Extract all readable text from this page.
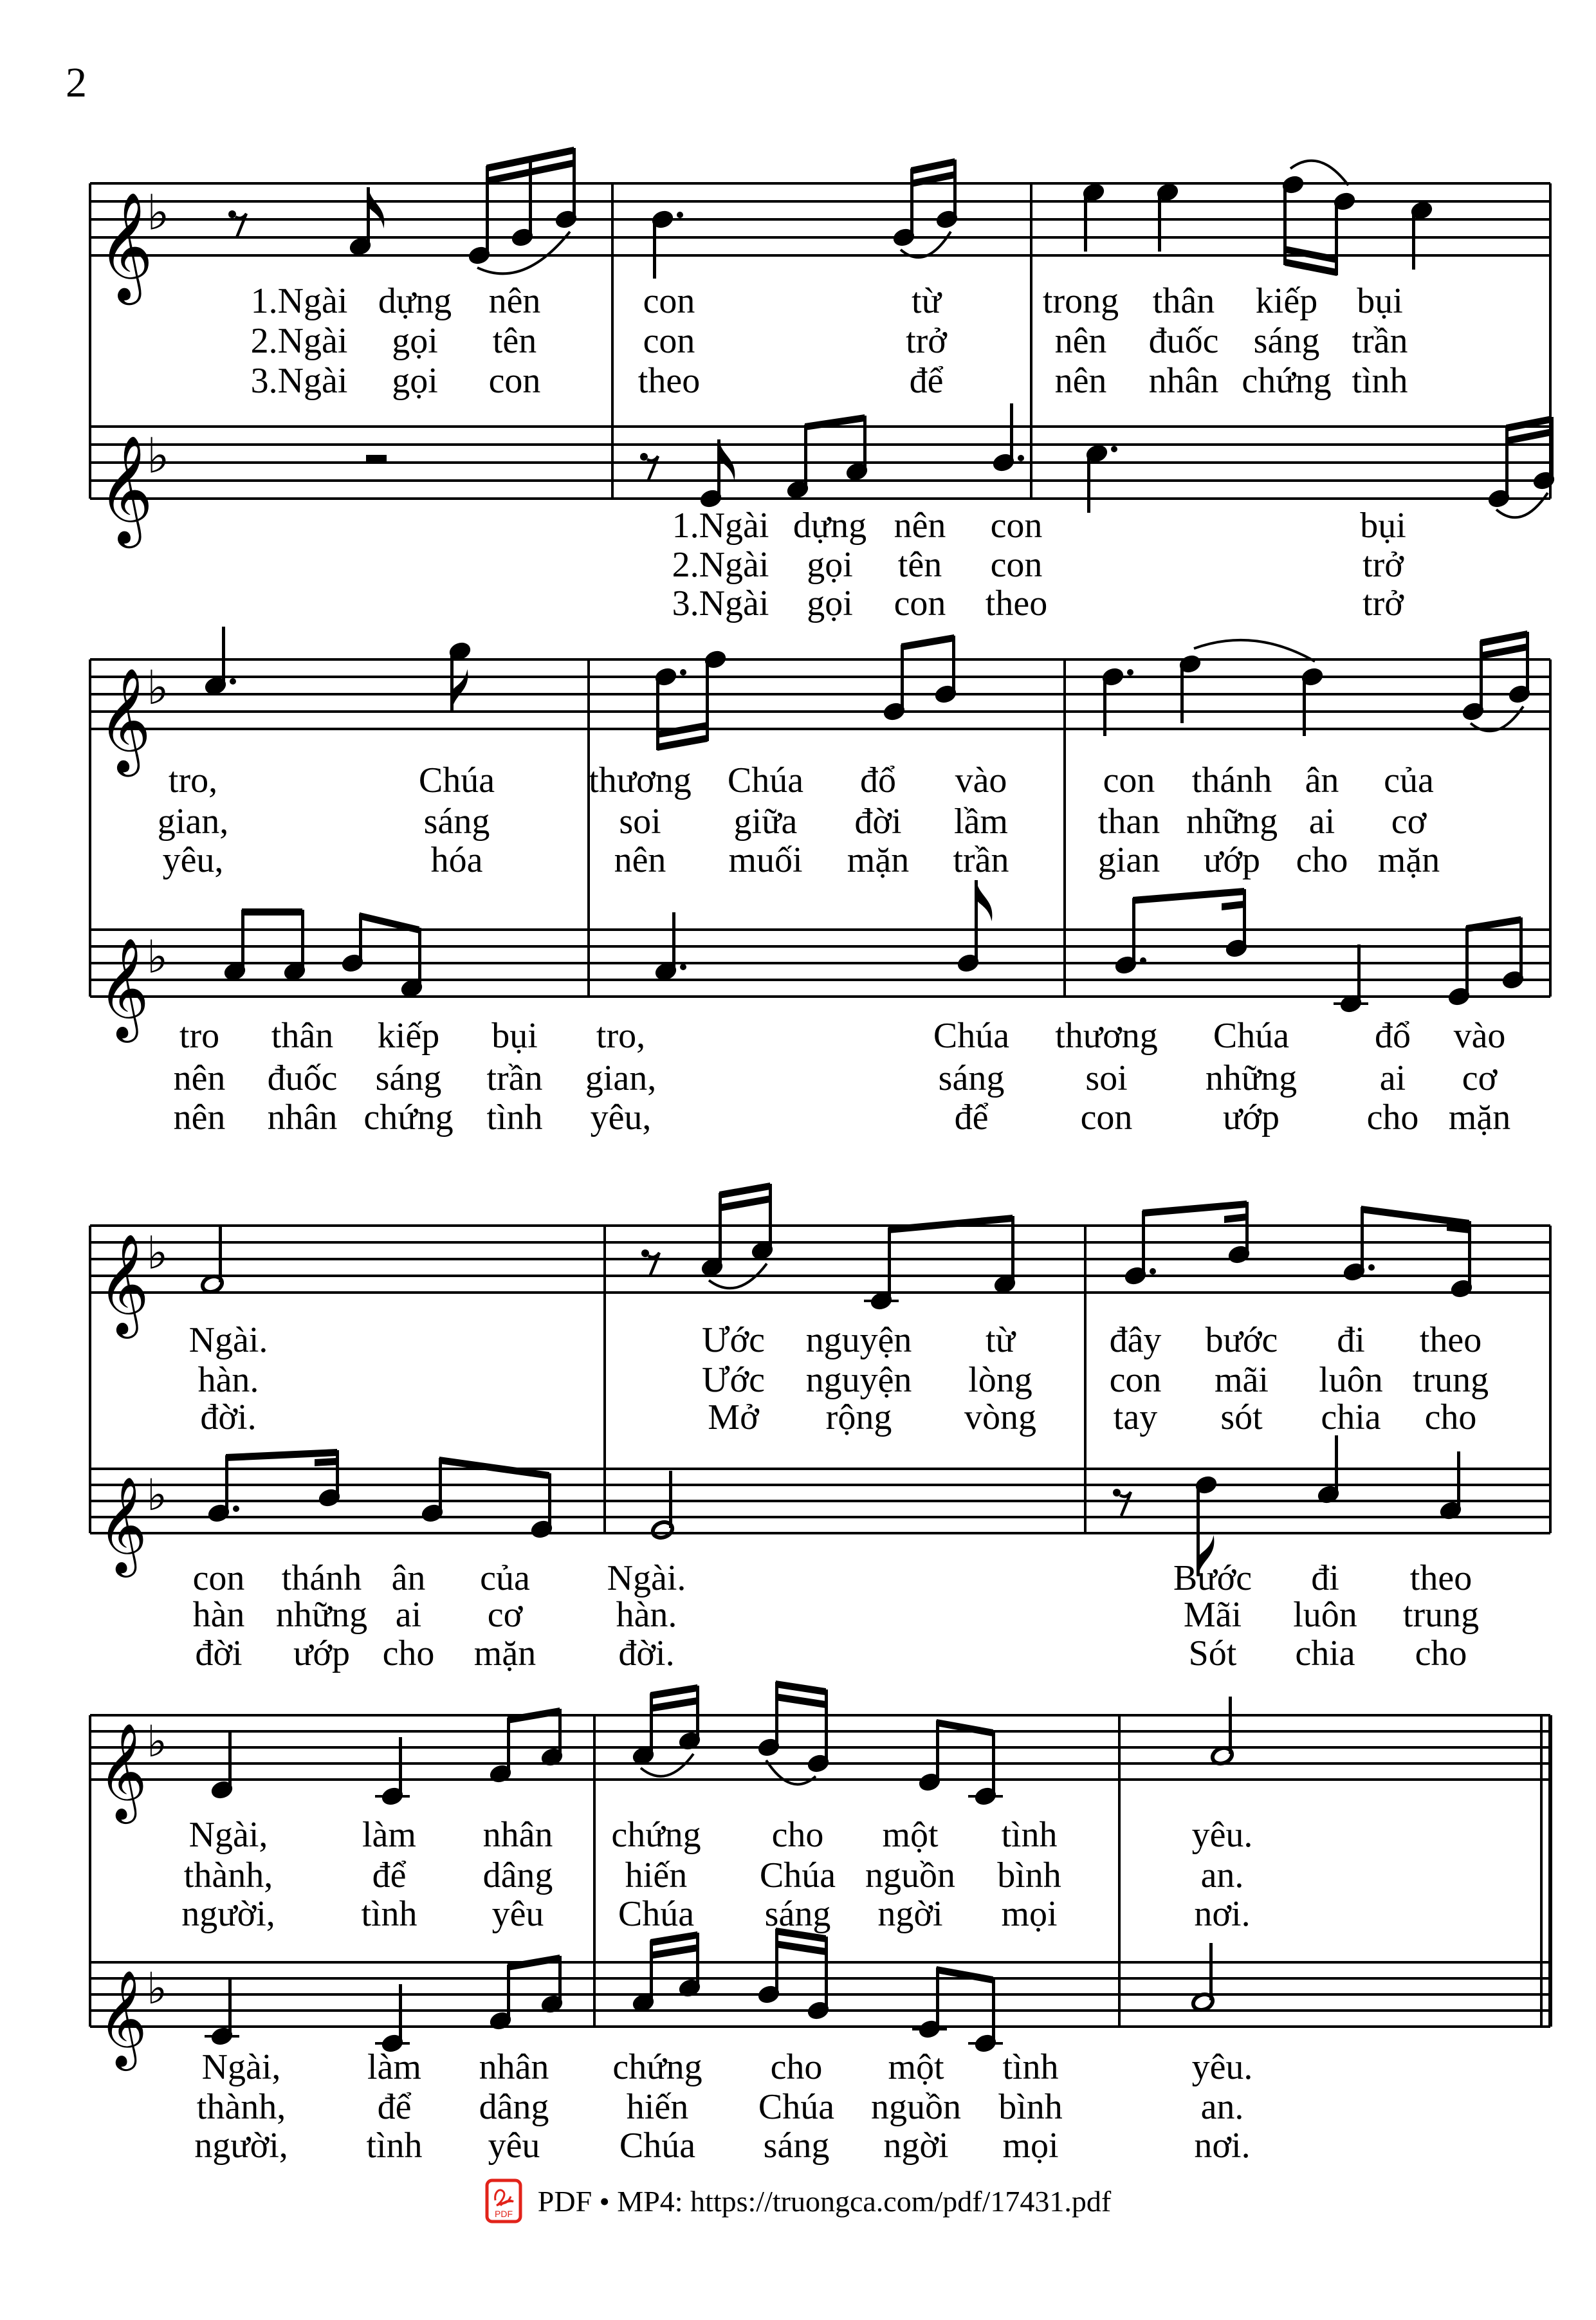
2
𝄞
♭
1.Ngài dựng nên	con	từ	trong thân kiếp bụi
2.Ngài gọi tên	con	trở	nên đuốc sáng trần
3.Ngài gọi con	theo	để	nên nhân chứng tình
𝄞
♭
1.Ngài dựng nên con	bụi
2.Ngài gọi tên con	trở
3.Ngài gọi con theo	trở
𝄞
♭
tro,	Chúa	thương Chúa đổ vào	con thánh ân của
gian,	sáng	soi giữa đời lầm than những ai cơ
yêu,	hóa	nên muối mặn trần gian ướp cho mặn
𝄞
♭
tro thân kiếp bụi tro,	Chúa thương Chúa đổ vào
nên đuốc sáng trần gian,	sáng soi những ai cơ
nên nhân chứng tình yêu,	để	con	ướp cho mặn
𝄞
♭
Ngài.	Ước nguyện từ	đây bước đi theo
hàn.	Ước nguyện lòng con mãi luôn trung
đời.	Mở rộng vòng tay sót chia cho
𝄞 ♭
con thánh ân của Ngài.	Bước đi theo
hàn những ai cơ	hàn.	Mãi luôn trung
đời ướp cho mặn đời.	Sót chia cho
𝄞 ♭
Ngài,	làm nhân chứng cho một tình	yêu.
thành,	để dâng hiến Chúa nguồn bình	an.
người, tình yêu Chúa sáng ngời mọi	nơi.
𝄞 ♭
Ngài, làm nhân chứng cho một tình	yêu.
thành,	để dâng hiến Chúa nguồn bình	an.
người, tình yêu Chúa sáng ngời mọi	nơi.
PDF PDF • MP4: https://truongca.com/pdf/17431.pdf
